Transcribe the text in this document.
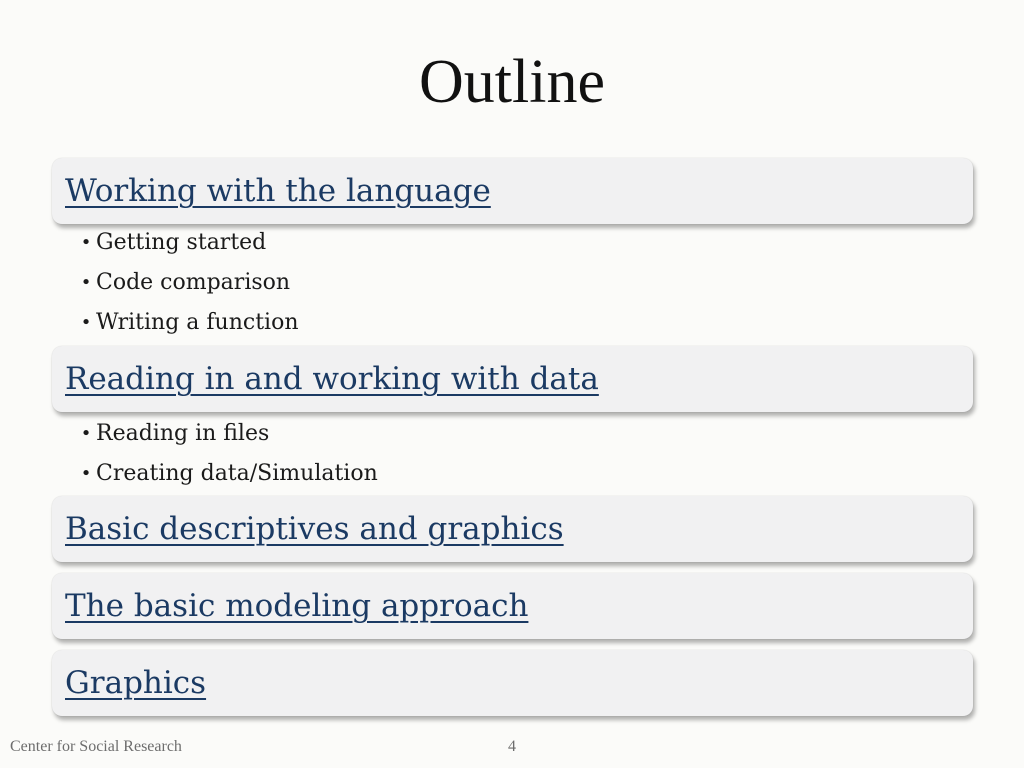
Outline
Working with the language
• Getting started
• Code comparison
• Writing a function
Reading in and working with data
• Reading in files
• Creating data/Simulation
Basic descriptives and graphics
The basic modeling approach
Graphics
Center for Social Research	4
